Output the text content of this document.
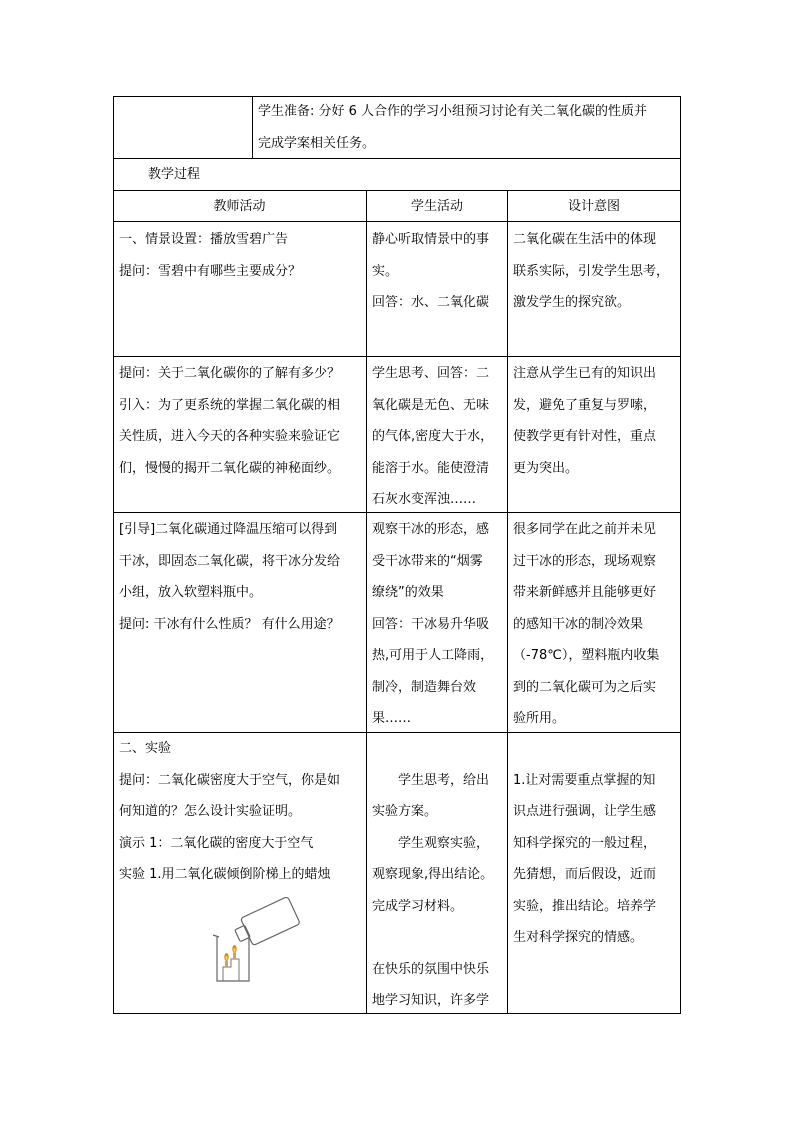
学生准备: 分好 6 人合作的学习小组预习讨论有关二氧化碳的性质并

完成学案相关任务。

教学过程

教师活动	学生活动	设计意图

一、情景设置：播放雪碧广告

提问：雪碧中有哪些主要成分？

静心听取情景中的事

实。

回答：水、二氧化碳

二氧化碳在生活中的体现

联系实际，引发学生思考，

激发学生的探究欲。

提问：关于二氧化碳你的了解有多少？

引入：为了更系统的掌握二氧化碳的相

关性质，进入今天的各种实验来验证它

们，慢慢的揭开二氧化碳的神秘面纱。

学生思考、回答：二

氧化碳是无色、无味

的气体,密度大于水，

能溶于水。能使澄清

石灰水变浑浊……

注意从学生已有的知识出

发，避免了重复与罗嗦，

使教学更有针对性，重点

更为突出。

[引导]二氧化碳通过降温压缩可以得到

干冰，即固态二氧化碳，将干冰分发给

小组，放入软塑料瓶中。

提问: 干冰有什么性质？ 有什么用途？

观察干冰的形态，感

受干冰带来的“烟雾

缭绕”的效果

回答：干冰易升华吸

热,可用于人工降雨，

制冷，制造舞台效

果……

很多同学在此之前并未见

过干冰的形态，现场观察

带来新鲜感并且能够更好

的感知干冰的制冷效果

（-78℃），塑料瓶内收集

到的二氧化碳可为之后实

验所用。

二、实验

提问：二氧化碳密度大于空气，你是如

何知道的？怎么设计实验证明。

演示 1：二氧化碳的密度大于空气

实验 1.用二氧化碳倾倒阶梯上的蜡烛

学生思考，给出

实验方案。

学生观察实验，

观察现象,得出结论。

完成学习材料。

在快乐的氛围中快乐

地学习知识，许多学

1.让对需要重点掌握的知

识点进行强调，让学生感

知科学探究的一般过程，

先猜想，而后假设，近而

实验，推出结论。培养学

生对科学探究的情感。
